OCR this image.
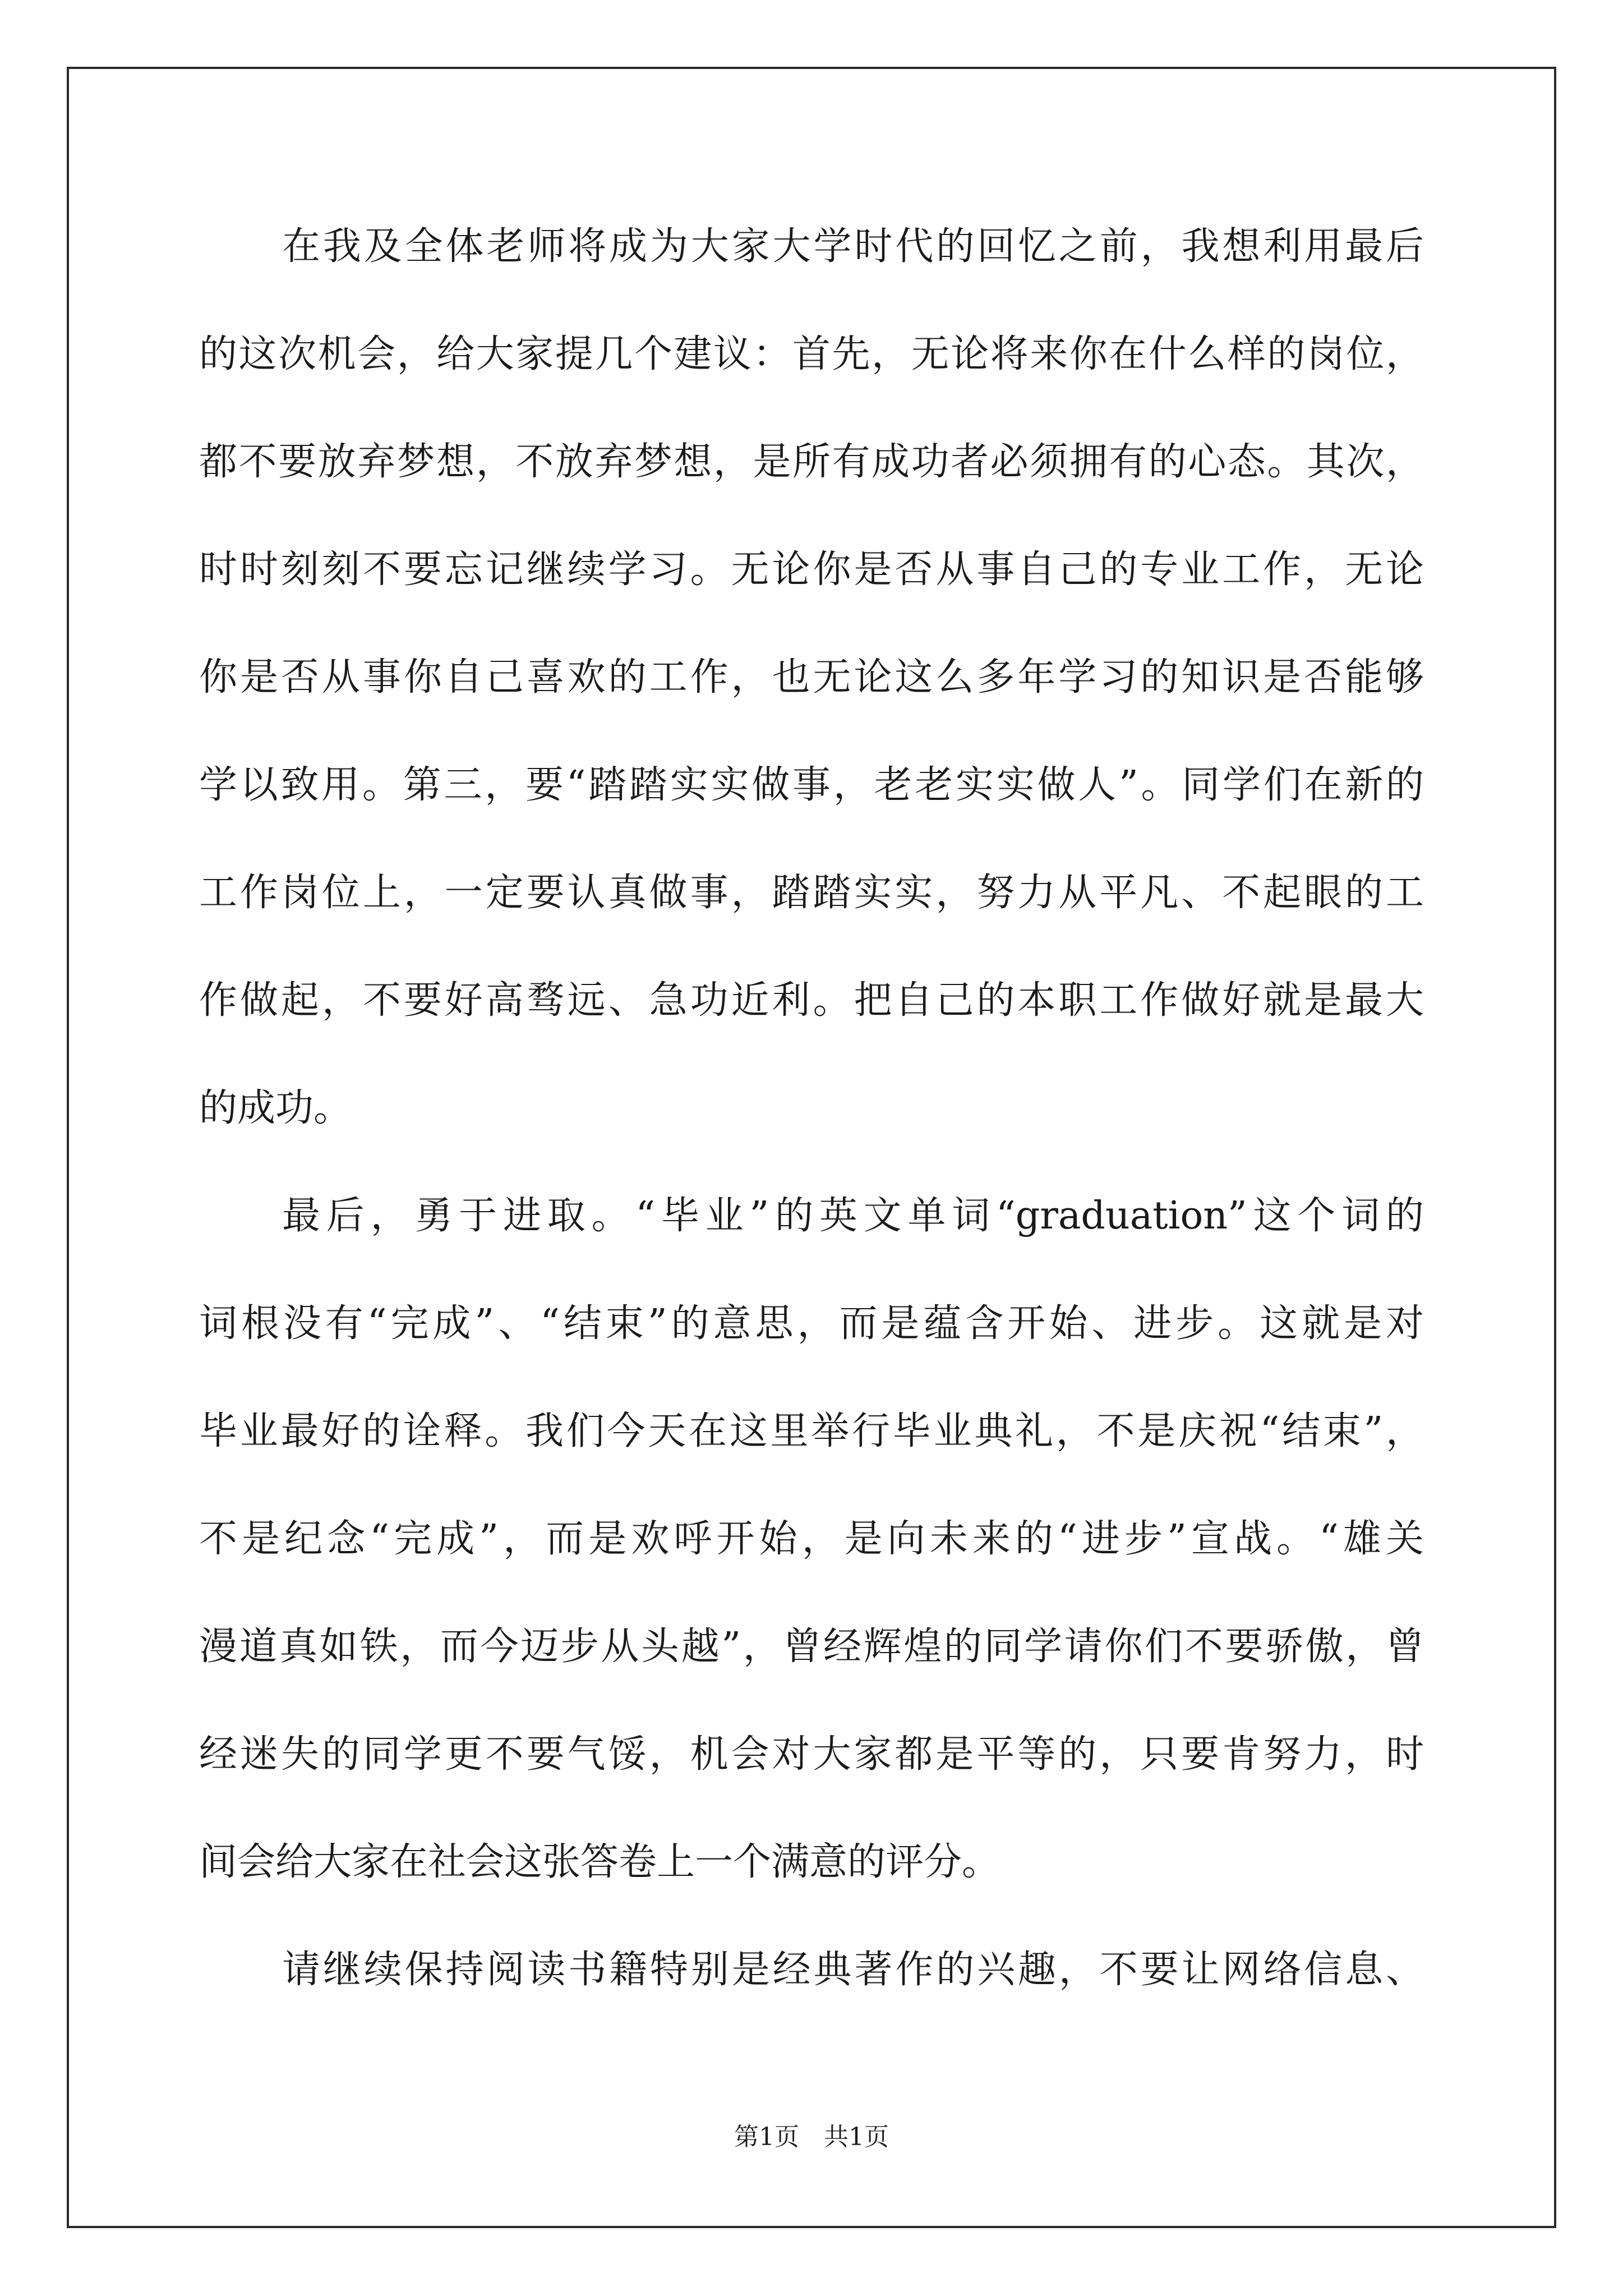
在我及全体老师将成为大家大学时代的回忆之前，我想利用最后
的这次机会，给大家提几个建议：首先，无论将来你在什么样的岗位，
都不要放弃梦想，不放弃梦想，是所有成功者必须拥有的心态。其次，
时时刻刻不要忘记继续学习。无论你是否从事自己的专业工作，无论
你是否从事你自己喜欢的工作，也无论这么多年学习的知识是否能够
学以致用。第三，要“踏踏实实做事，老老实实做人”。同学们在新的
工作岗位上，一定要认真做事，踏踏实实，努力从平凡、不起眼的工
作做起，不要好高骛远、急功近利。把自己的本职工作做好就是最大
的成功。
最后，勇于进取。“毕业”的英文单词“graduation”这个词的
词根没有“完成”、“结束”的意思，而是蕴含开始、进步。这就是对
毕业最好的诠释。我们今天在这里举行毕业典礼，不是庆祝“结束”，
不是纪念“完成”，而是欢呼开始，是向未来的“进步”宣战。“雄关
漫道真如铁，而今迈步从头越”，曾经辉煌的同学请你们不要骄傲，曾
经迷失的同学更不要气馁，机会对大家都是平等的，只要肯努力，时
间会给大家在社会这张答卷上一个满意的评分。
请继续保持阅读书籍特别是经典著作的兴趣，不要让网络信息、
第1页　共1页
